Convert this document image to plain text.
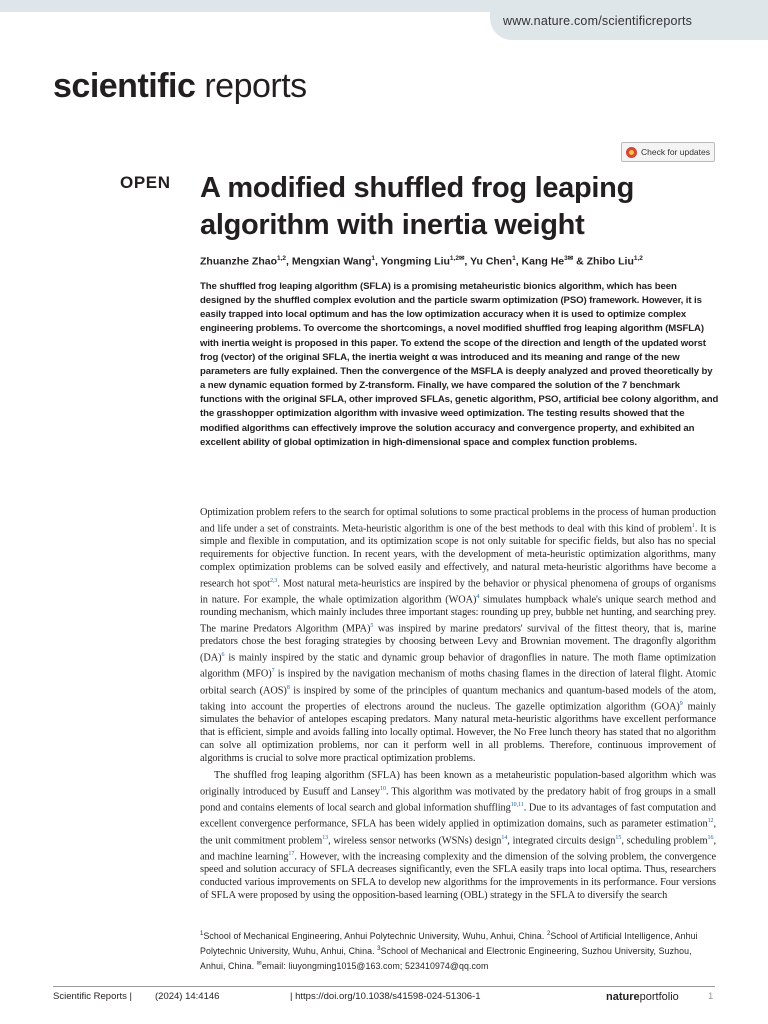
www.nature.com/scientificreports
scientific reports
Check for updates
OPEN A modified shuffled frog leaping algorithm with inertia weight
Zhuanzhe Zhao$^{1,2}$, Mengxian Wang$^1$, Yongming Liu$^{1,2✉}$, Yu Chen$^1$, Kang $He^{3✉}$ & Zhibo Liu$^{1,2}$

The shuffled frog leaping algorithm (SFLA) is a promising metaheuristic bionics algorithm, which has been designed by the shuffled complex evolution and the particle swarm optimization (PSO) framework. However, it is easily trapped into local optimum and has the low optimization accuracy when it is used to optimize complex engineering problems. To overcome the shortcomings, a novel modified shuffled frog leaping algorithm (MSFLA) with inertia weight is proposed in this paper. To extend the scope of the direction and length of the updated worst frog (vector) of the original SFLA, the inertia weight α was introduced and its meaning and range of the new parameters are fully explained. Then the convergence of the MSFLA is deeply analyzed and proved theoretically by a new dynamic equation formed by Z-transform. Finally, we have compared the solution of the 7 benchmark functions with the original SFLA, other improved SFLAs, genetic algorithm, PSO, artificial bee colony algorithm, and the grasshopper optimization algorithm with invasive weed optimization. The testing results showed that the modified algorithms can effectively improve the solution accuracy and convergence property, and exhibited an excellent ability of global optimization in high-dimensional space and complex function problems.

Optimization problem refers to the search for optimal solutions to some practical problems in the process of human production and life under a set of constraints. Meta-heuristic algorithm is one of the best methods to deal with this kind of problem$^1$. It is simple and flexible in computation, and its optimization scope is not only suitable for specific fields, but also has no special requirements for objective function. In recent years, with the development of meta-heuristic optimization algorithms, many complex optimization problems can be solved easily and effectively, and natural meta-heuristic algorithms have become a research hot spot$^{2,3}$. Most natural meta-heuristics are inspired by the behavior or physical phenomena of groups of organisms in nature. For example, the whale optimization algorithm (WOA)$^4$ simulates humpback whale's unique search method and rounding mechanism, which mainly includes three important stages: rounding up prey, bubble net hunting, and searching prey. The marine Predators Algorithm (MPA)$^5$ was inspired by marine predators' survival of the fittest theory, that is, marine predators chose the best foraging strategies by choosing between Levy and Brownian movement. The dragonfly algorithm (DA)$^6$ is mainly inspired by the static and dynamic group behavior of dragonflies in nature. The moth flame optimization algorithm (MFO)$^7$ is inspired by the navigation mechanism of moths chasing flames in the direction of lateral flight. Atomic orbital search (AOS)$^8$ is inspired by some of the principles of quantum mechanics and quantum-based models of the atom, taking into account the properties of electrons around the nucleus. The gazelle optimization algorithm (GOA)$^9$ mainly simulates the behavior of antelopes escaping predators. Many natural meta-heuristic algorithms have excellent performance that is efficient, simple and avoids falling into locally optimal. However, the No Free lunch theory has stated that no algorithm can solve all optimization problems, nor can it perform well in all problems. Therefore, continuous improvement of algorithms is crucial to solve more practical optimization problems.

The shuffled frog leaping algorithm (SFLA) has been known as a metaheuristic population-based algorithm which was originally introduced by Eusuff and Lansey$^{10}$. This algorithm was motivated by the predatory habit of frog groups in a small pond and contains elements of local search and global information shuffling$^{10,11}$. Due to its advantages of fast computation and excellent convergence performance, SFLA has been widely applied in optimization domains, such as parameter estimation$^{12}$, the unit commitment problem$^{13}$, wireless sensor networks (WSNs) design$^{14}$, integrated circuits design$^{15}$, scheduling problem$^{16}$, and machine learning$^{17}$. However, with the increasing complexity and the dimension of the solving problem, the convergence speed and solution accuracy of SFLA decreases significantly, even the SFLA easily traps into local optima. Thus, researchers conducted various improvements on SFLA to develop new algorithms for the improvements in its performance. Four versions of SFLA were proposed by using the opposition-based learning (OBL) strategy in the SFLA to diversify the search

$^1$School of Mechanical Engineering, Anhui Polytechnic University, Wuhu, Anhui, China. $^2$School of Artificial Intelligence, Anhui Polytechnic University, Wuhu, Anhui, China. $^3$School of Mechanical and Electronic Engineering, Suzhou University, Suzhou, Anhui, China. ✉email: liuyongming1015@163.com; 523410974@qq.com

Scientific Reports | (2024) 14:4146	| https://doi.org/10.1038/s41598-024-51306-1	natureportfolio	1
